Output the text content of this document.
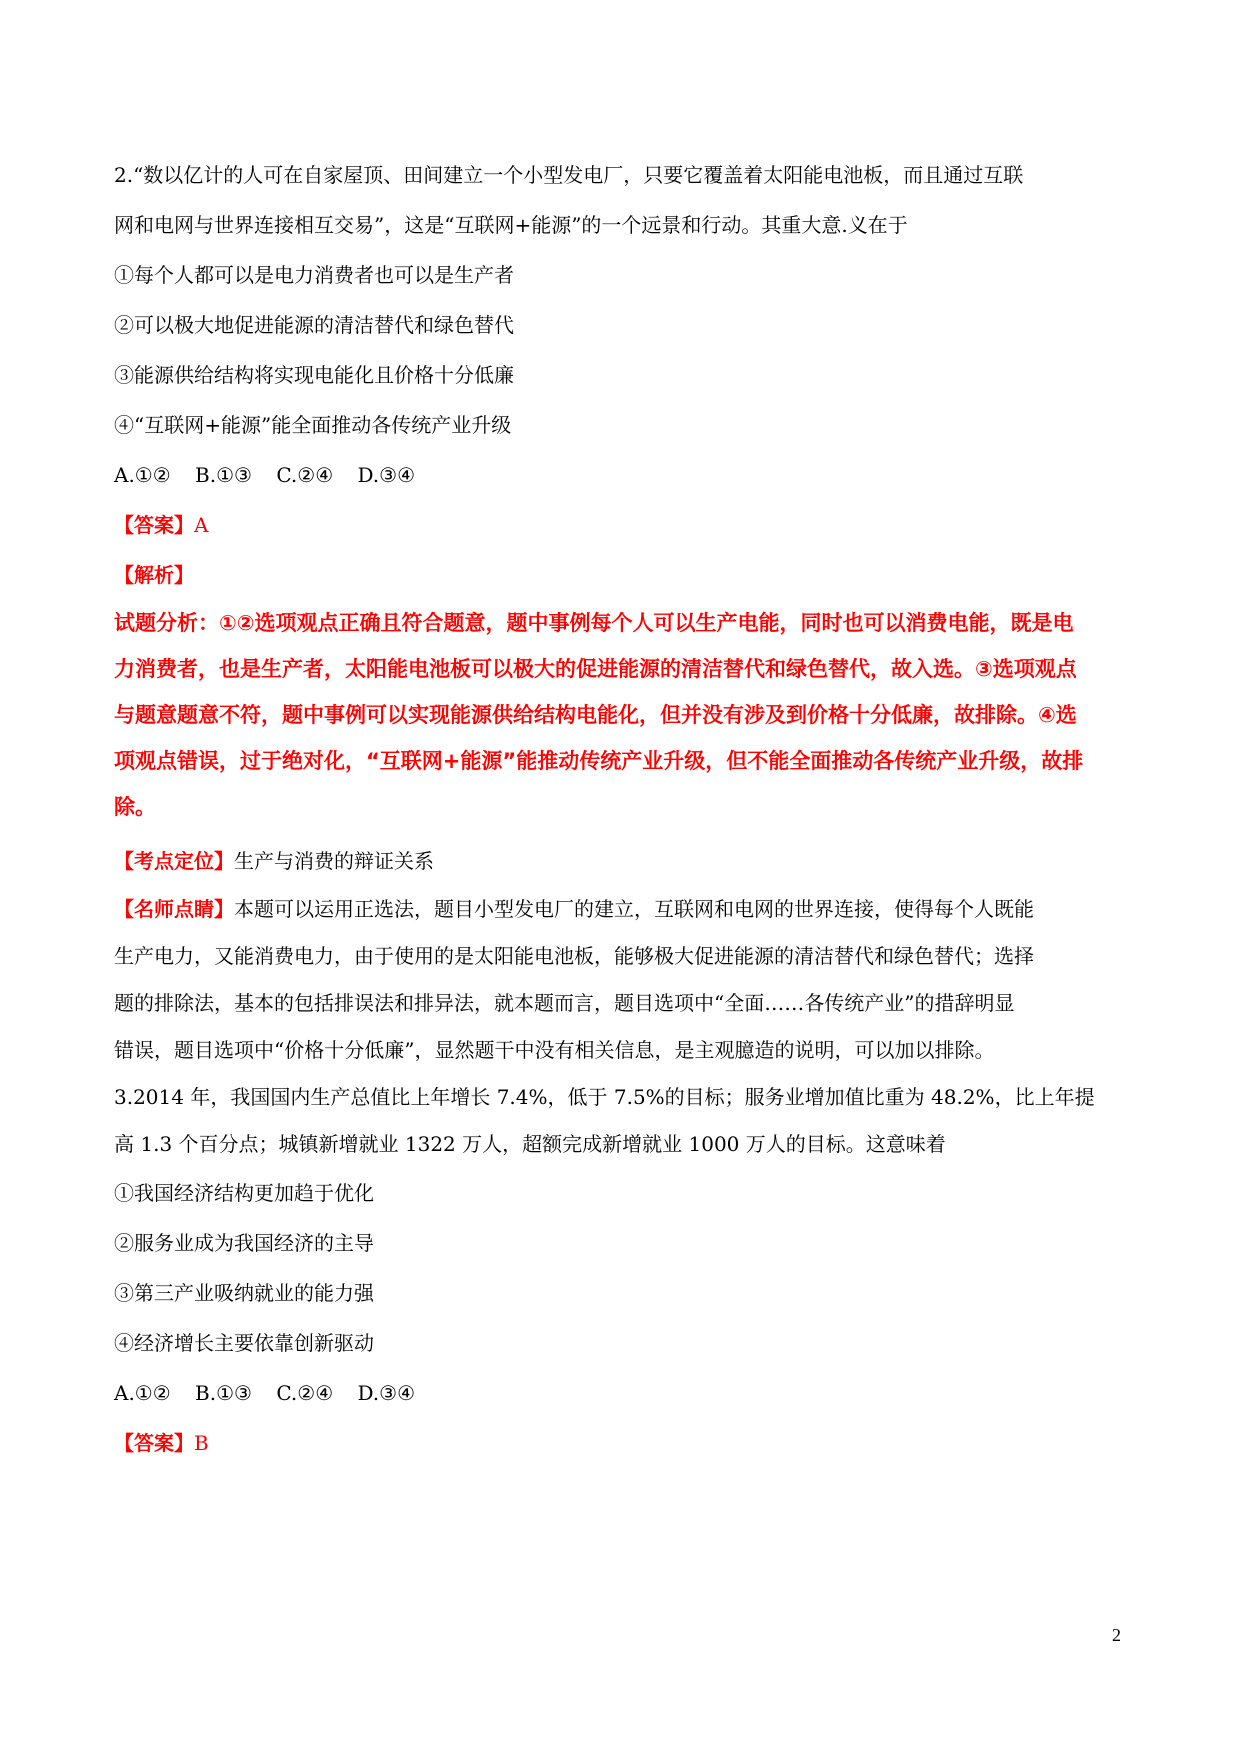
2.“数以亿计的人可在自家屋顶、田间建立一个小型发电厂，只要它覆盖着太阳能电池板，而且通过互联
网和电网与世界连接相互交易”，这是“互联网+能源”的一个远景和行动。其重大意.义在于
①每个人都可以是电力消费者也可以是生产者
②可以极大地促进能源的清洁替代和绿色替代
③能源供给结构将实现电能化且价格十分低廉
④“互联网+能源”能全面推动各传统产业升级
A.①② B.①③ C.②④ D.③④
【答案】A
【解析】
试题分析：①②选项观点正确且符合题意，题中事例每个人可以生产电能，同时也可以消费电能，既是电
力消费者，也是生产者，太阳能电池板可以极大的促进能源的清洁替代和绿色替代，故入选。③选项观点
与题意题意不符，题中事例可以实现能源供给结构电能化，但并没有涉及到价格十分低廉，故排除。④选
项观点错误，过于绝对化，“互联网+能源”能推动传统产业升级，但不能全面推动各传统产业升级，故排
除。
【考点定位】生产与消费的辩证关系
【名师点睛】本题可以运用正选法，题目小型发电厂的建立，互联网和电网的世界连接，使得每个人既能
生产电力，又能消费电力，由于使用的是太阳能电池板，能够极大促进能源的清洁替代和绿色替代；选择
题的排除法，基本的包括排误法和排异法，就本题而言，题目选项中“全面……各传统产业”的措辞明显
错误，题目选项中“价格十分低廉”，显然题干中没有相关信息，是主观臆造的说明，可以加以排除。
3.2014 年，我国国内生产总值比上年增长 7.4%，低于 7.5%的目标；服务业增加值比重为 48.2%，比上年提
高 1.3 个百分点；城镇新增就业 1322 万人，超额完成新增就业 1000 万人的目标。这意味着
①我国经济结构更加趋于优化
②服务业成为我国经济的主导
③第三产业吸纳就业的能力强
④经济增长主要依靠创新驱动
A.①② B.①③ C.②④ D.③④
【答案】B
2
